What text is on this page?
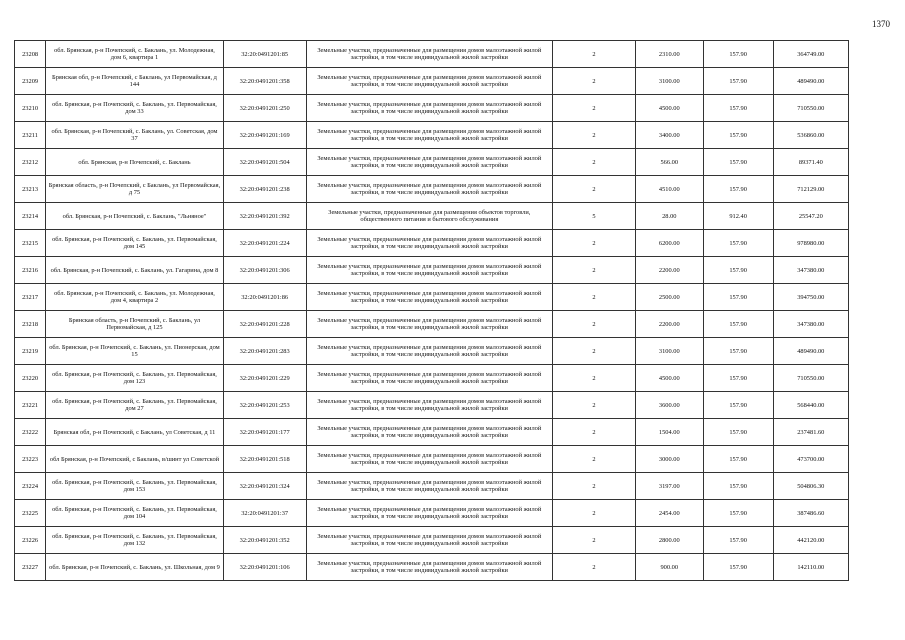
1370
23208	обл. Брянская, р-н Почепский, с. Баклань, ул. Молодежная, дом 6, квартира 1	32:20:0491201:85	Земельные участки, предназначенные для размещения домов малоэтажной жилой застройки, в том числе индивидуальной жилой застройки	2	2310.00	157.90	364749.00
23209	Брянская обл, р-н Почепский, с Баклань, ул Первомайская, д 144	32:20:0491201:358	Земельные участки, предназначенные для размещения домов малоэтажной жилой застройки, в том числе индивидуальной жилой застройки	2	3100.00	157.90	489490.00
23210	обл. Брянская, р-н Почепский, с. Баклань, ул. Первомайская, дом 33	32:20:0491201:250	Земельные участки, предназначенные для размещения домов малоэтажной жилой застройки, в том числе индивидуальной жилой застройки	2	4500.00	157.90	710550.00
23211	обл. Брянская, р-н Почепский, с. Баклань, ул. Советская, дом 37	32:20:0491201:169	Земельные участки, предназначенные для размещения домов малоэтажной жилой застройки, в том числе индивидуальной жилой застройки	2	3400.00	157.90	536860.00
23212	обл. Брянская, р-н Почепский, с. Баклань	32:20:0491201:504	Земельные участки, предназначенные для размещения домов малоэтажной жилой застройки, в том числе индивидуальной жилой застройки	2	566.00	157.90	89371.40
23213	Брянская область, р-н Почепский, с Баклань, ул Первомайская, д 75	32:20:0491201:238	Земельные участки, предназначенные для размещения домов малоэтажной жилой застройки, в том числе индивидуальной жилой застройки	2	4510.00	157.90	712129.00
23214	обл. Брянская, р-н Почепский, с. Баклань, "Льняное"	32:20:0491201:392	Земельные участки, предназначенные для размещения объектов торговли, общественного питания и бытового обслуживания	5	28.00	912.40	25547.20
23215	обл. Брянская, р-н Почепский, с. Баклань, ул. Первомайская, дом 145	32:20:0491201:224	Земельные участки, предназначенные для размещения домов малоэтажной жилой застройки, в том числе индивидуальной жилой застройки	2	6200.00	157.90	978980.00
23216	обл. Брянская, р-н Почепский, с. Баклань, ул. Гагарина, дом 8	32:20:0491201:306	Земельные участки, предназначенные для размещения домов малоэтажной жилой застройки, в том числе индивидуальной жилой застройки	2	2200.00	157.90	347380.00
23217	обл. Брянская, р-н Почепский, с. Баклань, ул. Молодежная, дом 4, квартира 2	32:20:0491201:86	Земельные участки, предназначенные для размещения домов малоэтажной жилой застройки, в том числе индивидуальной жилой застройки	2	2500.00	157.90	394750.00
23218	Брянская область, р-н Почепский, с. Баклань, ул Первомайская, д 125	32:20:0491201:228	Земельные участки, предназначенные для размещения домов малоэтажной жилой застройки, в том числе индивидуальной жилой застройки	2	2200.00	157.90	347380.00
23219	обл. Брянская, р-н Почепский, с. Баклань, ул. Пионерская, дом 15	32:20:0491201:283	Земельные участки, предназначенные для размещения домов малоэтажной жилой застройки, в том числе индивидуальной жилой застройки	2	3100.00	157.90	489490.00
23220	обл. Брянская, р-н Почепский, с. Баклань, ул. Первомайская, дом 123	32:20:0491201:229	Земельные участки, предназначенные для размещения домов малоэтажной жилой застройки, в том числе индивидуальной жилой застройки	2	4500.00	157.90	710550.00
23221	обл. Брянская, р-н Почепский, с. Баклань, ул. Первомайская, дом 27	32:20:0491201:253	Земельные участки, предназначенные для размещения домов малоэтажной жилой застройки, в том числе индивидуальной жилой застройки	2	3600.00	157.90	568440.00
23222	Брянская обл, р-н Почепский, с Баклань, ул Советская, д 11	32:20:0491201:177	Земельные участки, предназначенные для размещения домов малоэтажной жилой застройки, в том числе индивидуальной жилой застройки	2	1504.00	157.90	237481.60
23223	обл Брянская, р-н Почепский, с Баклань, в/шинт ул Советской	32:20:0491201:518	Земельные участки, предназначенные для размещения домов малоэтажной жилой застройки, в том числе индивидуальной жилой застройки	2	3000.00	157.90	473700.00
23224	обл. Брянская, р-н Почепский, с. Баклань, ул. Первомайская, дом 153	32:20:0491201:324	Земельные участки, предназначенные для размещения домов малоэтажной жилой застройки, в том числе индивидуальной жилой застройки	2	3197.00	157.90	504806.30
23225	обл. Брянская, р-н Почепский, с. Баклань, ул. Первомайская, дом 104	32:20:0491201:37	Земельные участки, предназначенные для размещения домов малоэтажной жилой застройки, в том числе индивидуальной жилой застройки	2	2454.00	157.90	387486.60
23226	обл. Брянская, р-н Почепский, с. Баклань, ул. Первомайская, дом 132	32:20:0491201:352	Земельные участки, предназначенные для размещения домов малоэтажной жилой застройки, в том числе индивидуальной жилой застройки	2	2800.00	157.90	442120.00
23227	обл. Брянская, р-н Почепский, с. Баклань, ул. Школьная, дом 9	32:20:0491201:106	Земельные участки, предназначенные для размещения домов малоэтажной жилой застройки, в том числе индивидуальной жилой застройки	2	900.00	157.90	142110.00
